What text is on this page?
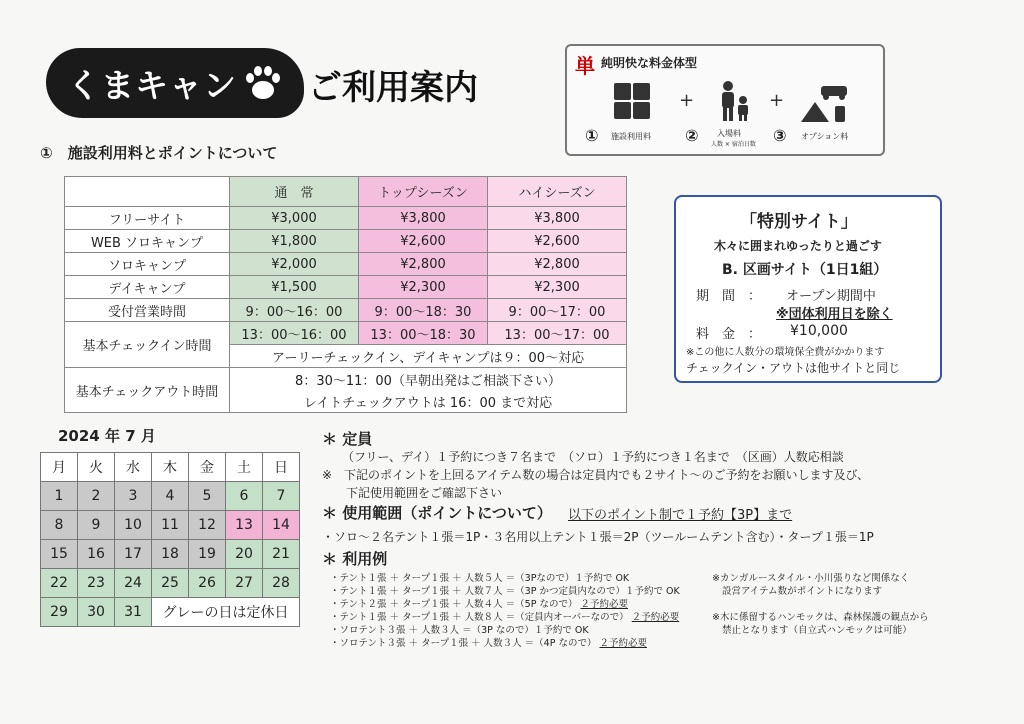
くまキャン ご利用案内
①　施設利用料とポイントについて
単 純明快な料金体型
+	+
① 施設利用料 ② 入場料
人数 × 宿泊日数 ③ オプション料
	通　常	トップシーズン	ハイシーズン
フリーサイト	¥3,000	¥3,800	¥3,800
WEB ソロキャンプ	¥1,800	¥2,600	¥2,600
ソロキャンプ	¥2,000	¥2,800	¥2,800
デイキャンプ	¥1,500	¥2,300	¥2,300
受付営業時間	9：00～16：00	9：00～18：30	9：00～17：00
基本チェックイン時間	13：00～16：00	13：00～18：30	13：00～17：00
	アーリーチェックイン、デイキャンプは９：00～対応		
基本チェックアウト時間	8：30～11：00（早朝出発はご相談下さい）		
	レイトチェックアウトは 16：00 まで対応		
「特別サイト」
木々に囲まれゆったりと過ごす
B. 区画サイト（1日1組）
期　間　： オープン期間中
※団体利用日を除く
料　金　： ¥10,000
※この他に人数分の環境保全費がかかります
チェックイン・アウトは他サイトと同じ
2024 年 7 月
月	火	水	木	金	土	日
1	2	3	4	5	6	7
8	9	10	11	12	13	14
15	16	17	18	19	20	21
22	23	24	25	26	27	28
29	30	31	グレーの日は定休日			
＊ 定員
（フリー、デイ）１予約につき７名まで　（ソロ）１予約につき１名まで　（区画）人数応相談
※　下記のポイントを上回るアイテム数の場合は定員内でも２サイト～のご予約をお願いします及び、
下記使用範囲をご確認下さい
＊ 使用範囲（ポイントについて） 以下のポイント制で１予約【3P】まで
・ソロ～２名テント１張＝1P・３名用以上テント１張＝2P（ツールームテント含む）・タープ１張＝1P
＊ 利用例
・テント１張 ＋ タープ１張 ＋ 人数５人 ＝（3Pなので）１予約で OK
・テント１張 ＋ タープ１張 ＋ 人数７人 ＝（3P かつ定員内なので）１予約で OK
・テント２張 ＋ タープ１張 ＋ 人数４人 ＝（5P なので） ２予約必要
・テント１張 ＋ タープ１張 ＋ 人数８人 ＝（定員内オーバーなので） ２予約必要
・ソロテント３張 ＋ 人数３人 ＝（3P なので）１予約で OK
・ソロテント３張 ＋ タープ１張 ＋ 人数３人 ＝（4P なので） ２予約必要
※カンガルースタイル・小川張りなど関係なく
設営アイテム数がポイントになります
※木に係留するハンモックは、森林保護の観点から
禁止となります（自立式ハンモックは可能）
